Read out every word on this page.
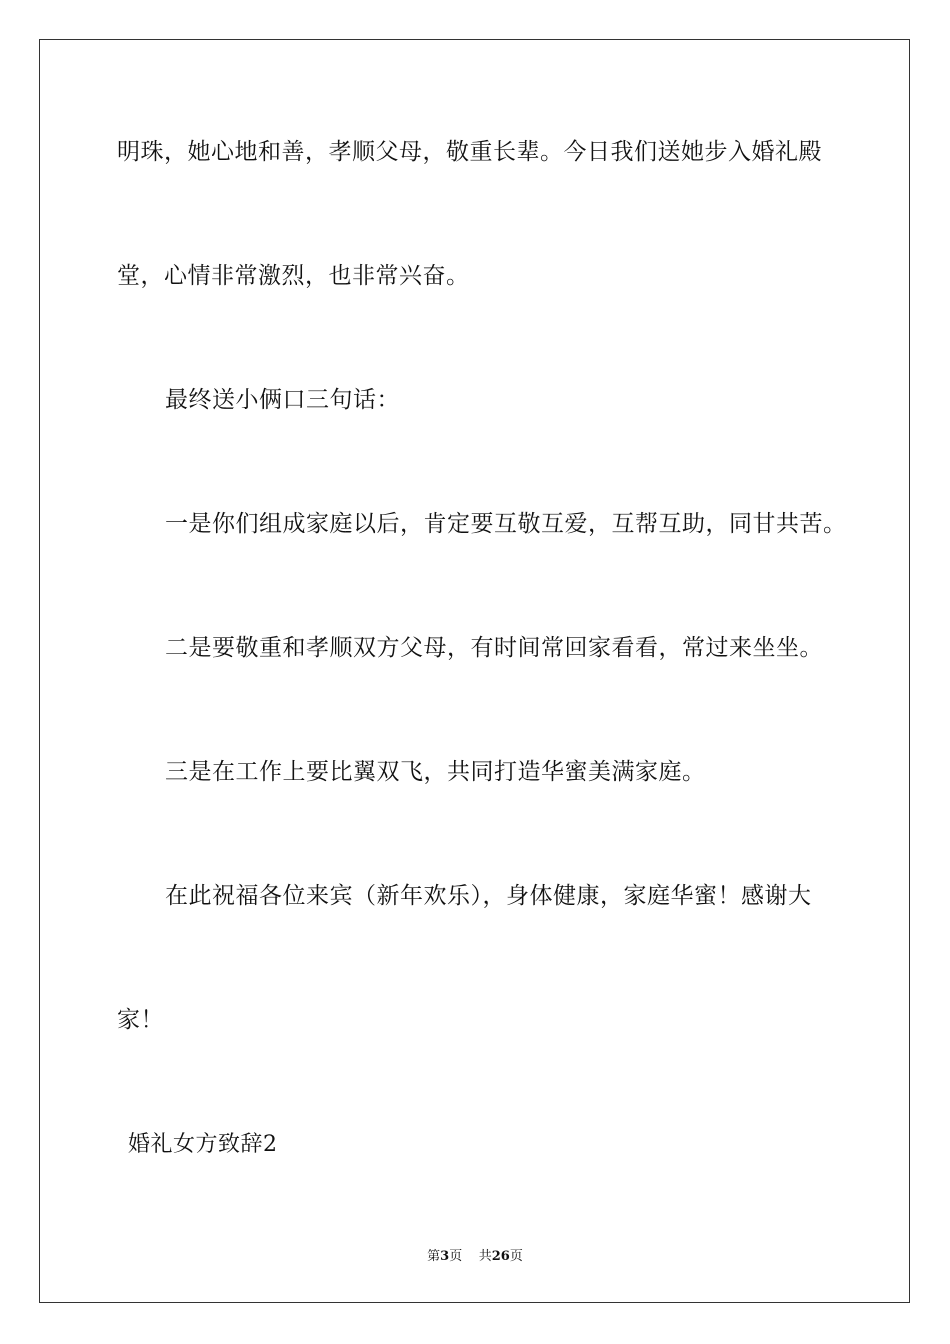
明珠，她心地和善，孝顺父母，敬重长辈。今日我们送她步入婚礼殿
堂，心情非常激烈，也非常兴奋。
最终送小俩口三句话：
一是你们组成家庭以后，肯定要互敬互爱，互帮互助，同甘共苦。
二是要敬重和孝顺双方父母，有时间常回家看看，常过来坐坐。
三是在工作上要比翼双飞，共同打造华蜜美满家庭。
在此祝福各位来宾（新年欢乐），身体健康，家庭华蜜！感谢大
家！
婚礼女方致辞2
第3页 共26页
